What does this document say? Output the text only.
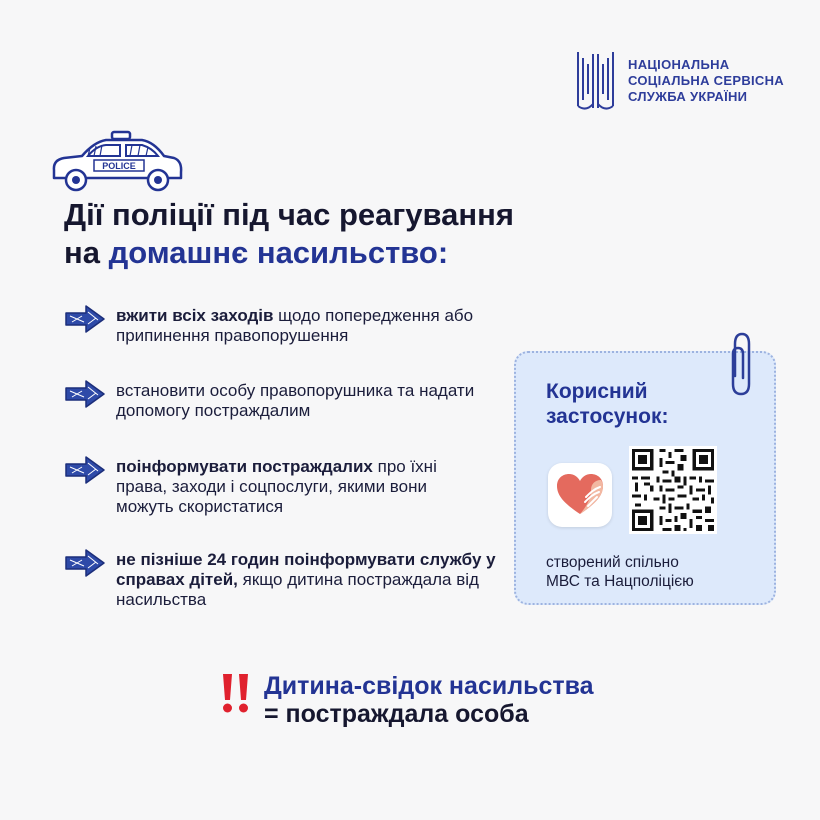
НАЦІОНАЛЬНА
СОЦІАЛЬНА СЕРВІСНА
СЛУЖБА УКРАЇНИ
POLICE
Дії поліції під час реагування
на домашнє насильство:
вжити всіх заходів щодо попередження або припинення правопорушення
встановити особу правопорушника та надати допомогу постраждалим
поінформувати постраждалих про їхні права, заходи і соцпослуги, якими вони можуть скористатися
не пізніше 24 годин поінформувати службу у справах дітей, якщо дитина постраждала від насильства
Корисний
застосунок:
створений спільно
МВС та Нацполіцією
Дитина-свідок насильства
= постраждала особа
